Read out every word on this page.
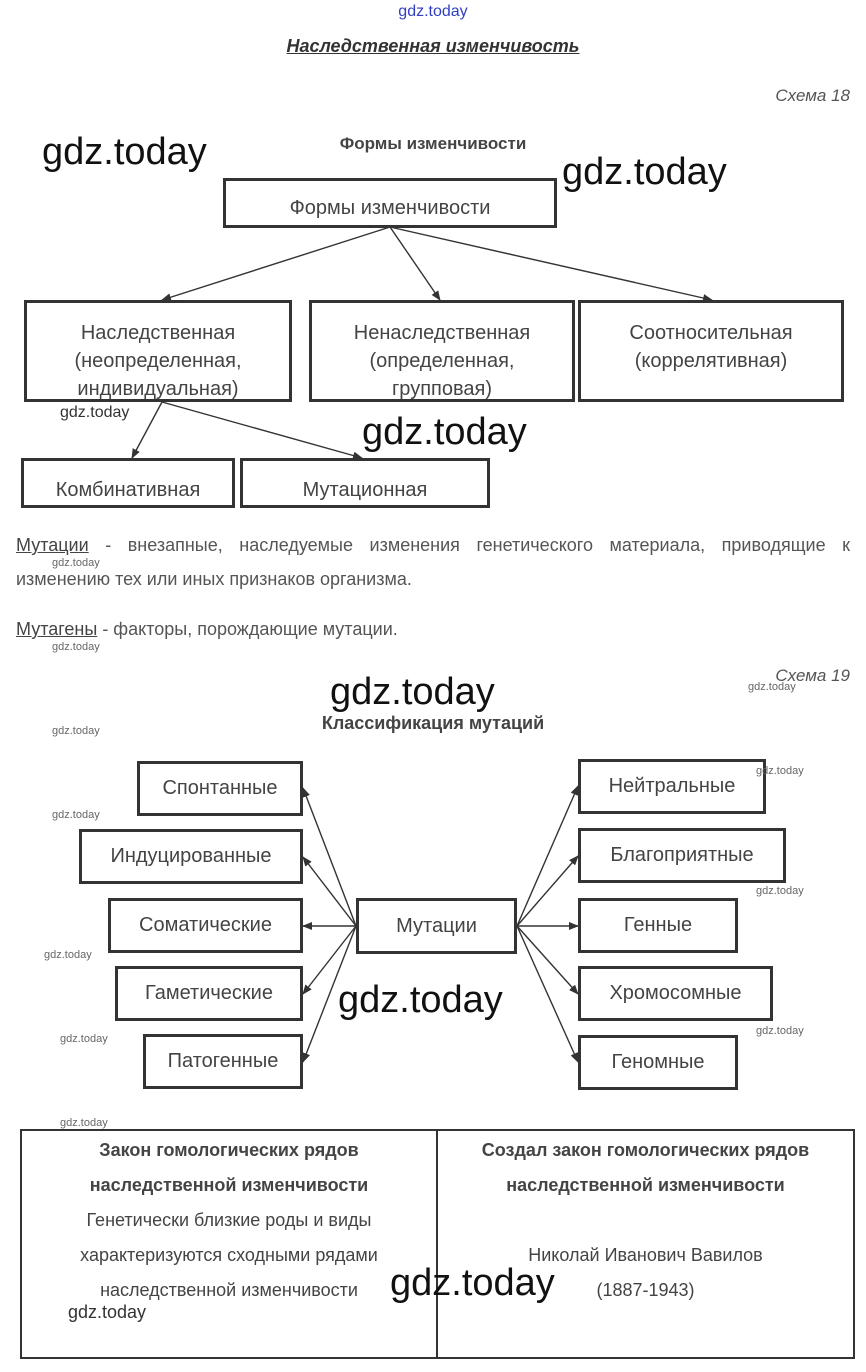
gdz.today
Наследственная изменчивость
Схема 18
Формы изменчивости
Формы изменчивости
Наследственная
(неопределенная,
индивидуальная)
Ненаследственная
(определенная,
групповая)
Соотносительная
(коррелятивная)
Комбинативная	Мутационная
Мутации - внезапные, наследуемые изменения генетического материала, приводящие к изменению тех или иных признаков организма.
Мутагены - факторы, порождающие мутации.
Схема 19
Классификация мутаций
Мутации
Спонтанные
Индуцированные
Соматические
Гаметические
Патогенные
Нейтральные
Благоприятные
Генные
Хромосомные
Геномные
Закон гомологических рядов
наследственной изменчивости
Генетически близкие роды и виды
характеризуются сходными рядами
наследственной изменчивости
Создал закон гомологических рядов
наследственной изменчивости
Николай Иванович Вавилов
(1887-1943)
gdz.today	gdz.today
gdz.today
gdz.today
gdz.today
gdz.today
gdz.today
gdz.today
gdz.today
gdz.today
gdz.today
gdz.today
gdz.today
gdz.today
gdz.today
gdz.today
gdz.today
gdz.today
gdz.today
